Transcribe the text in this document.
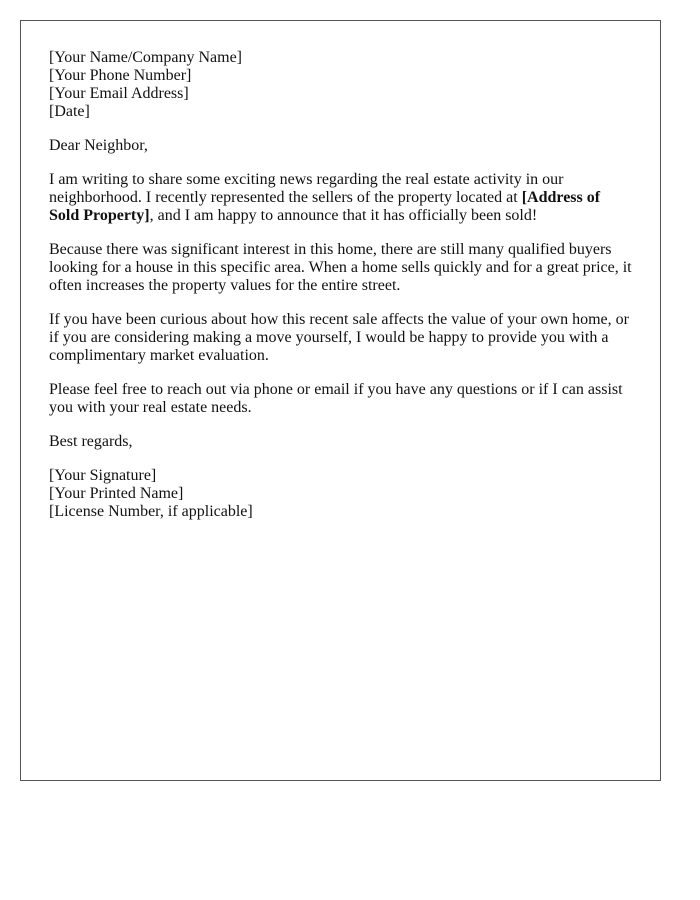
[Your Name/Company Name]
[Your Phone Number]
[Your Email Address]
[Date]

Dear Neighbor,

I am writing to share some exciting news regarding the real estate activity in our neighborhood. I recently represented the sellers of the property located at [Address of Sold Property], and I am happy to announce that it has officially been sold!

Because there was significant interest in this home, there are still many qualified buyers looking for a house in this specific area. When a home sells quickly and for a great price, it often increases the property values for the entire street.

If you have been curious about how this recent sale affects the value of your own home, or if you are considering making a move yourself, I would be happy to provide you with a complimentary market evaluation.

Please feel free to reach out via phone or email if you have any questions or if I can assist you with your real estate needs.

Best regards,

[Your Signature]
[Your Printed Name]
[License Number, if applicable]
